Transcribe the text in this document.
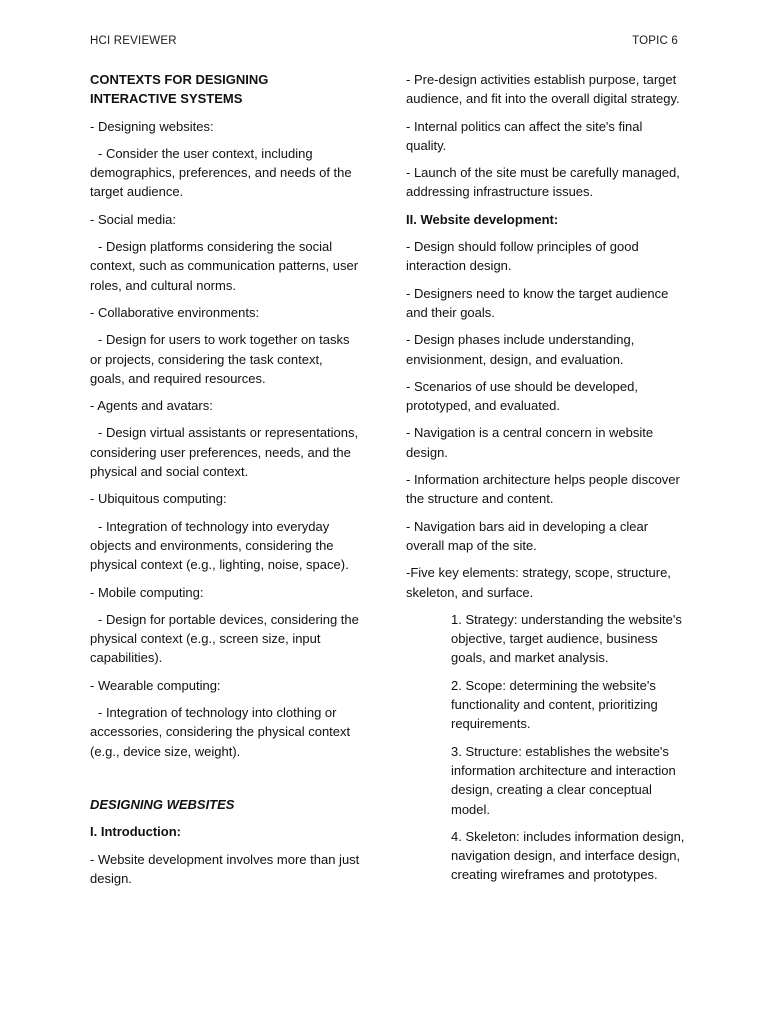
HCI REVIEWER	TOPIC 6

CONTEXTS FOR DESIGNING
INTERACTIVE SYSTEMS

- Designing websites:

- Consider the user context, including demographics, preferences, and needs of the target audience.

- Social media:

- Design platforms considering the social context, such as communication patterns, user roles, and cultural norms.

- Collaborative environments:

- Design for users to work together on tasks or projects, considering the task context, goals, and required resources.

- Agents and avatars:

- Design virtual assistants or representations, considering user preferences, needs, and the physical and social context.

- Ubiquitous computing:

- Integration of technology into everyday objects and environments, considering the physical context (e.g., lighting, noise, space).

- Mobile computing:

- Design for portable devices, considering the physical context (e.g., screen size, input capabilities).

- Wearable computing:

- Integration of technology into clothing or accessories, considering the physical context (e.g., device size, weight).

DESIGNING WEBSITES

I. Introduction:

- Website development involves more than just design.

- Pre-design activities establish purpose, target audience, and fit into the overall digital strategy.

- Internal politics can affect the site's final quality.

- Launch of the site must be carefully managed, addressing infrastructure issues.

II. Website development:

- Design should follow principles of good interaction design.

- Designers need to know the target audience and their goals.

- Design phases include understanding, envisionment, design, and evaluation.

- Scenarios of use should be developed, prototyped, and evaluated.

- Navigation is a central concern in website design.

- Information architecture helps people discover the structure and content.

- Navigation bars aid in developing a clear overall map of the site.

-Five key elements: strategy, scope, structure, skeleton, and surface.

1. Strategy: understanding the website's objective, target audience, business goals, and market analysis.

2. Scope: determining the website's functionality and content, prioritizing requirements.

3. Structure: establishes the website's information architecture and interaction design, creating a clear conceptual model.

4. Skeleton: includes information design, navigation design, and interface design, creating wireframes and prototypes.
